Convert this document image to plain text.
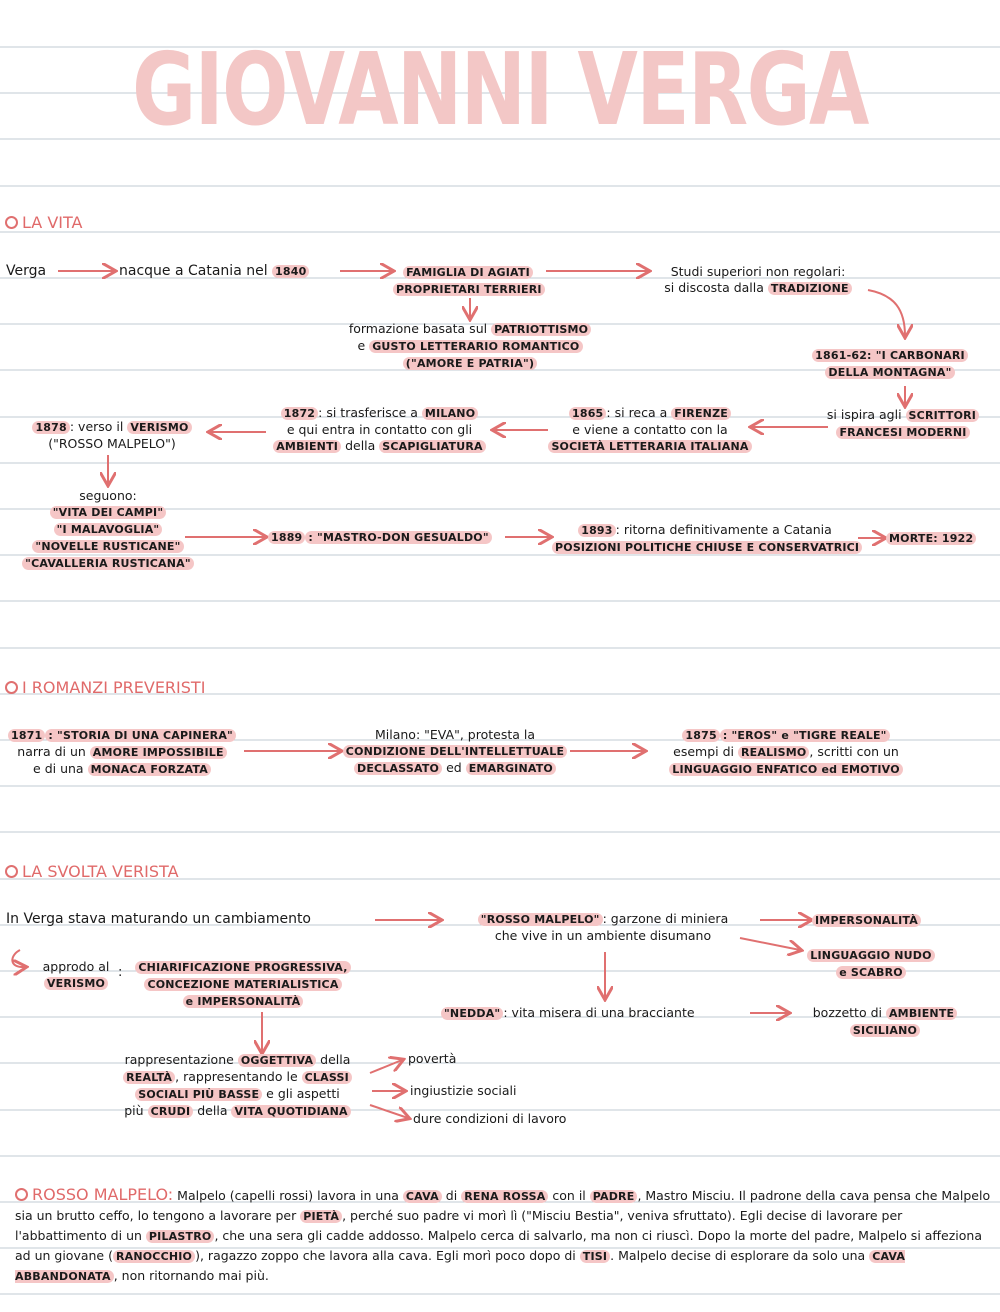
GIOVANNI VERGA
LA VITA
Verga	nacque a Catania nel 1840	FAMIGLIA DI AGIATI
PROPRIETARI TERRIERI
Studi superiori non regolari:
si discosta dalla TRADIZIONE
formazione basata sul PATRIOTTISMO
e GUSTO LETTERARIO ROMANTICO
("AMORE E PATRIA")
1861-62: "I CARBONARI
DELLA MONTAGNA"
si ispira agli SCRITTORI
FRANCESI MODERNI
1865 : si reca a FIRENZE
e viene a contatto con la
SOCIETÀ LETTERARIA ITALIANA
1872 : si trasferisce a MILANO
e qui entra in contatto con gli
AMBIENTI della SCAPIGLIATURA
1878 : verso il VERISMO
("ROSSO MALPELO")
seguono:
"VITA DEI CAMPI"
"I MALAVOGLIA"
"NOVELLE RUSTICANE"
"CAVALLERIA RUSTICANA"
1889 : "MASTRO-DON GESUALDO"
1893 : ritorna definitivamente a Catania
POSIZIONI POLITICHE CHIUSE E CONSERVATRICI
MORTE: 1922
I ROMANZI PREVERISTI
1871 : "STORIA DI UNA CAPINERA"
narra di un AMORE IMPOSSIBILE
e di una MONACA FORZATA
Milano: "EVA", protesta la
CONDIZIONE DELL'INTELLETTUALE
DECLASSATO ed EMARGINATO
1875 : "EROS" e "TIGRE REALE"
esempi di REALISMO , scritti con un
LINGUAGGIO ENFATICO ed EMOTIVO
LA SVOLTA VERISTA
In Verga stava maturando un cambiamento
approdo al
VERISMO
:	CHIARIFICAZIONE PROGRESSIVA,
CONCEZIONE MATERIALISTICA
e IMPERSONALITÀ
"ROSSO MALPELO" : garzone di miniera
che vive in un ambiente disumano
IMPERSONALITÀ
LINGUAGGIO NUDO
e SCABRO
"NEDDA" : vita misera di una bracciante	bozzetto di AMBIENTE
SICILIANO
rappresentazione OGGETTIVA della
REALTÀ , rappresentando le CLASSI
SOCIALI PIÙ BASSE e gli aspetti
più CRUDI della VITA QUOTIDIANA
povertà
ingiustizie sociali
dure condizioni di lavoro
ROSSO MALPELO: Malpelo (capelli rossi) lavora in una CAVA di RENA ROSSA con il PADRE , Mastro Misciu. Il padrone della cava pensa che Malpelo sia un brutto ceffo, lo tengono a lavorare per PIETÀ , perché suo padre vi morì lì ("Misciu Bestia", veniva sfruttato). Egli decise di lavorare per l'abbattimento di un PILASTRO , che una sera gli cadde addosso. Malpelo cerca di salvarlo, ma non ci riuscì. Dopo la morte del padre, Malpelo si affeziona ad un giovane ( RANOCCHIO ), ragazzo zoppo che lavora alla cava. Egli morì poco dopo di TISI . Malpelo decise di esplorare da solo una CAVA ABBANDONATA , non ritornando mai più.
